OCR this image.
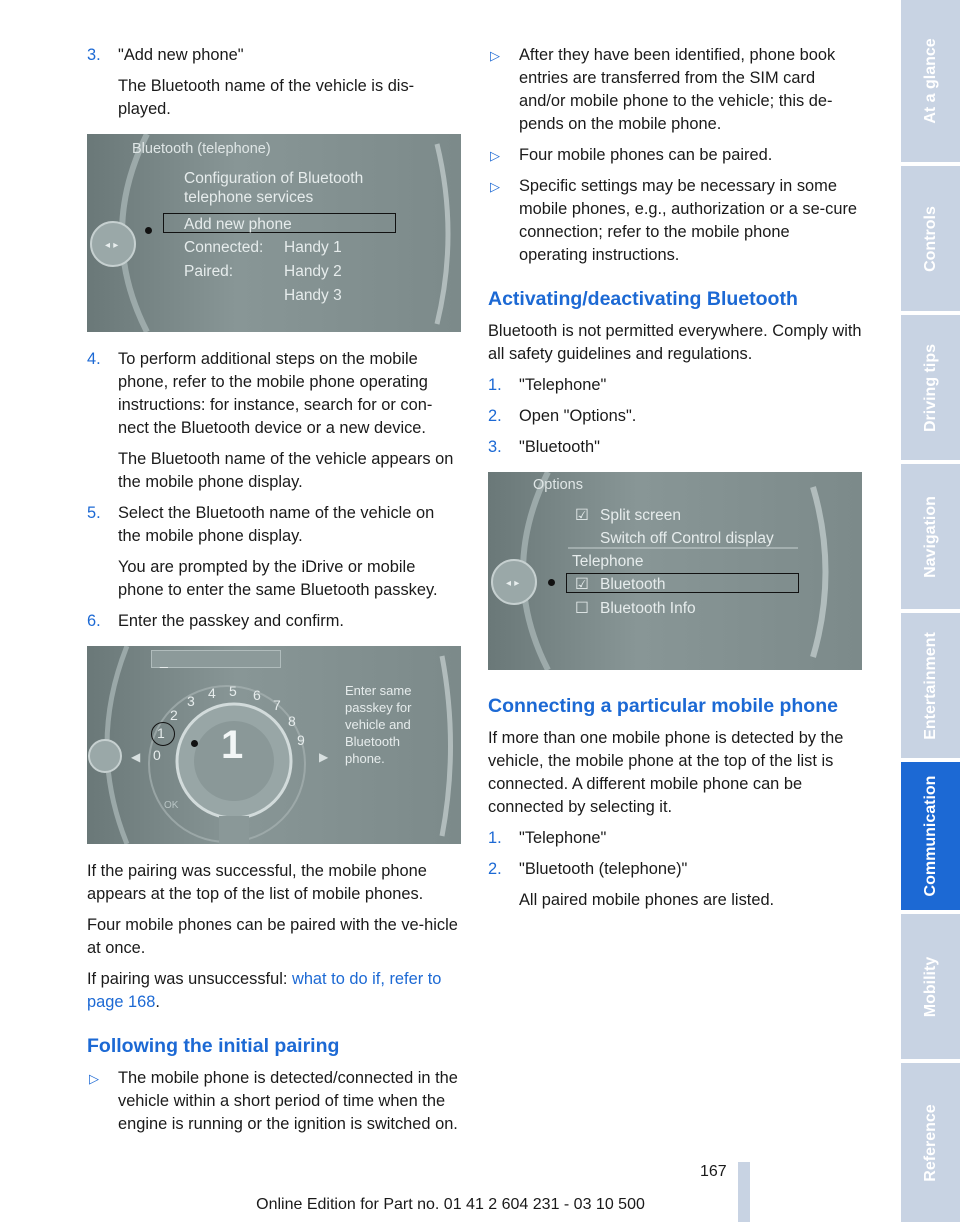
3. "Add new phone"
The Bluetooth name of the vehicle is dis-played.
◂ ▸
Bluetooth (telephone)
Configuration of Bluetooth
telephone services
Add new phone
Connected: Handy 1
Paired:	Handy 2
Handy 3
4. To perform additional steps on the mobile phone, refer to the mobile phone operating instructions: for instance, search for or con-nect the Bluetooth device or a new device.
The Bluetooth name of the vehicle appears on the mobile phone display.
5. Select the Bluetooth name of the vehicle on the mobile phone display.
You are prompted by the iDrive or mobile phone to enter the same Bluetooth passkey.
6. Enter the passkey and confirm.
◀	▶
_
0
1
2
3 4 5 6
7
8
9
1
OK
Enter same
passkey for
vehicle and
Bluetooth
phone.

If the pairing was successful, the mobile phone appears at the top of the list of mobile phones.

Four mobile phones can be paired with the ve-hicle at once.

If pairing was unsuccessful: what to do if, refer to page 168.

Following the initial pairing
▷ The mobile phone is detected/connected in the vehicle within a short period of time when the engine is running or the ignition is switched on.
▷ After they have been identified, phone book entries are transferred from the SIM card and/or mobile phone to the vehicle; this de-pends on the mobile phone.
▷ Four mobile phones can be paired.
▷ Specific settings may be necessary in some mobile phones, e.g., authorization or a se-cure connection; refer to the mobile phone operating instructions.
Activating/deactivating Bluetooth

Bluetooth is not permitted everywhere. Comply with all safety guidelines and regulations.

1. "Telephone"
2. Open "Options".
3. "Bluetooth"
◂ ▸
Options
☑ Split screen
Switch off Control display
Telephone
☑ Bluetooth
☐ Bluetooth Info
Connecting a particular mobile phone

If more than one mobile phone is detected by the vehicle, the mobile phone at the top of the list is connected. A different mobile phone can be connected by selecting it.

1. "Telephone"
2. "Bluetooth (telephone)"
All paired mobile phones are listed.
At a glance
Controls
Driving tips
Navigation
Entertainment
Communication
Mobility
Reference
167
Online Edition for Part no. 01 41 2 604 231 - 03 10 500
